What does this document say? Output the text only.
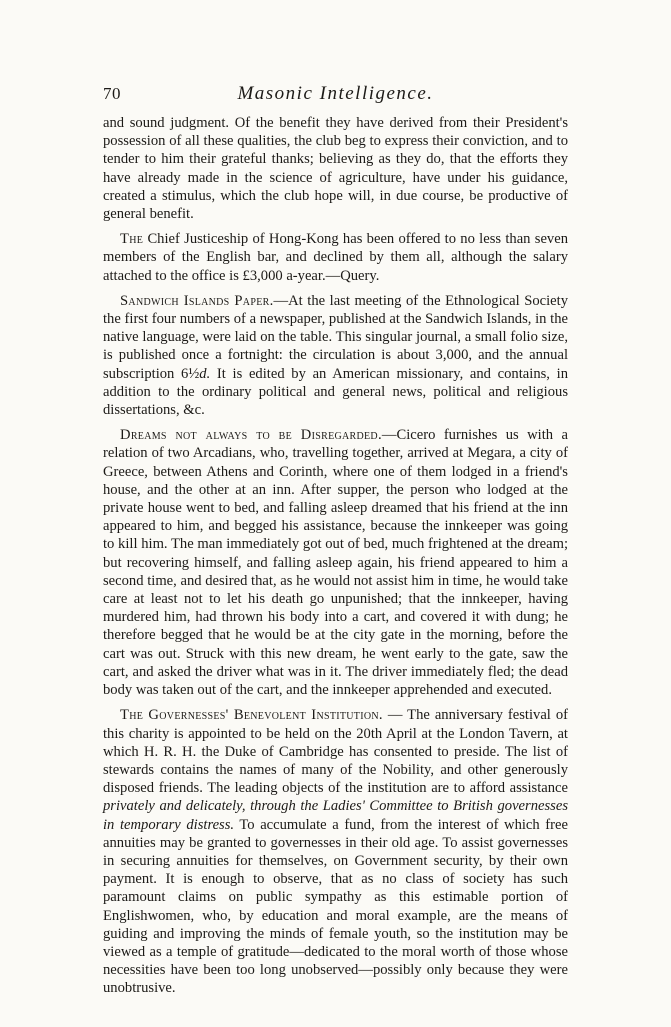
70	Masonic Intelligence.

and sound judgment. Of the benefit they have derived from their President's possession of all these qualities, the club beg to express their conviction, and to tender to him their grateful thanks; believing as they do, that the efforts they have already made in the science of agriculture, have under his guidance, created a stimulus, which the club hope will, in due course, be productive of general benefit.

The Chief Justiceship of Hong-Kong has been offered to no less than seven members of the English bar, and declined by them all, although the salary attached to the office is £3,000 a-year.—Query.

Sandwich Islands Paper.—At the last meeting of the Ethnological Society the first four numbers of a newspaper, published at the Sandwich Islands, in the native language, were laid on the table. This singular journal, a small folio size, is published once a fortnight: the circulation is about 3,000, and the annual subscription 6½d. It is edited by an American missionary, and contains, in addition to the ordinary political and general news, political and religious dissertations, &c.

Dreams not always to be Disregarded.—Cicero furnishes us with a relation of two Arcadians, who, travelling together, arrived at Megara, a city of Greece, between Athens and Corinth, where one of them lodged in a friend's house, and the other at an inn. After supper, the person who lodged at the private house went to bed, and falling asleep dreamed that his friend at the inn appeared to him, and begged his assistance, because the innkeeper was going to kill him. The man immediately got out of bed, much frightened at the dream; but recovering himself, and falling asleep again, his friend appeared to him a second time, and desired that, as he would not assist him in time, he would take care at least not to let his death go unpunished; that the innkeeper, having murdered him, had thrown his body into a cart, and covered it with dung; he therefore begged that he would be at the city gate in the morning, before the cart was out. Struck with this new dream, he went early to the gate, saw the cart, and asked the driver what was in it. The driver immediately fled; the dead body was taken out of the cart, and the innkeeper apprehended and executed.

The Governesses' Benevolent Institution. — The anniversary festival of this charity is appointed to be held on the 20th April at the London Tavern, at which H. R. H. the Duke of Cambridge has consented to preside. The list of stewards contains the names of many of the Nobility, and other generously disposed friends. The leading objects of the institution are to afford assistance privately and delicately, through the Ladies' Committee to British governesses in temporary distress. To accumulate a fund, from the interest of which free annuities may be granted to governesses in their old age. To assist governesses in securing annuities for themselves, on Government security, by their own payment. It is enough to observe, that as no class of society has such paramount claims on public sympathy as this estimable portion of Englishwomen, who, by education and moral example, are the means of guiding and improving the minds of female youth, so the institution may be viewed as a temple of gratitude—dedicated to the moral worth of those whose necessities have been too long unobserved—possibly only because they were unobtrusive.
